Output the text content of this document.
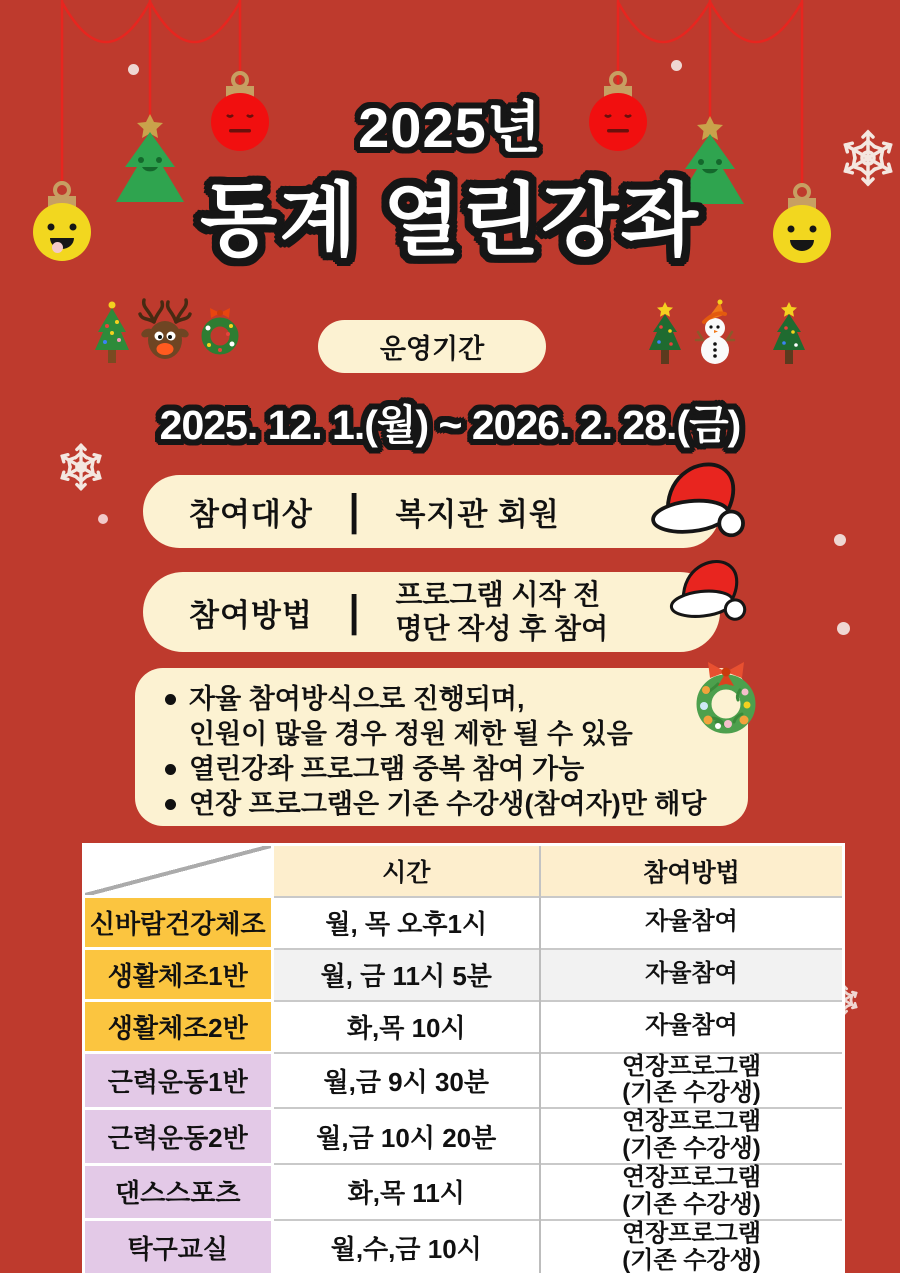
2025년
동계 열린강좌
운영기간
2025. 12. 1.(월) ~ 2026. 2. 28.(금)
참여대상 | 복지관 회원
참여방법 | 프로그램 시작 전
명단 작성 후 참여
자율 참여방식으로 진행되며,
인원이 많을 경우 정원 제한 될 수 있음
열린강좌 프로그램 중복 참여 가능
연장 프로그램은 기존 수강생(참여자)만 해당
	시간	참여방법
신바람건강체조	월, 목 오후1시	자율참여

생활체조1반	월, 금 11시 5분	자율참여

생활체조2반	화,목 10시	자율참여

근력운동1반	월,금 9시 30분	연장프로그램
(기존 수강생)

근력운동2반	월,금 10시 20분	연장프로그램
(기존 수강생)

댄스스포츠	화,목 11시	연장프로그램
(기존 수강생)

탁구교실	월,수,금 10시	연장프로그램
(기존 수강생)
